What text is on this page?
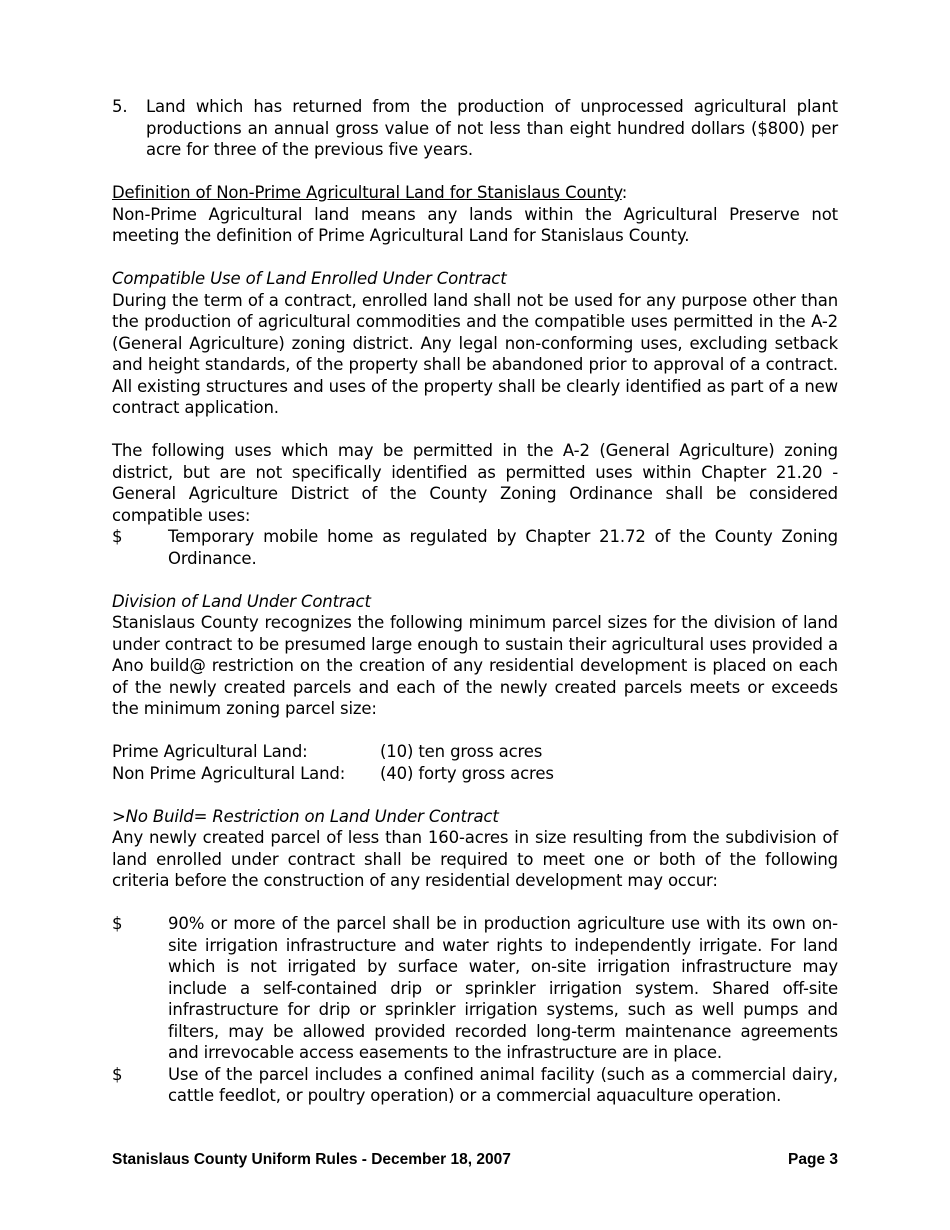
5.	Land which has returned from the production of unprocessed agricultural plant productions an annual gross value of not less than eight hundred dollars ($800) per acre for three of the previous five years.

Definition of Non-Prime Agricultural Land for Stanislaus County:

Non-Prime Agricultural land means any lands within the Agricultural Preserve not meeting the definition of Prime Agricultural Land for Stanislaus County.

Compatible Use of Land Enrolled Under Contract

During the term of a contract, enrolled land shall not be used for any purpose other than the production of agricultural commodities and the compatible uses permitted in the A-2 (General Agriculture) zoning district. Any legal non-conforming uses, excluding setback and height standards, of the property shall be abandoned prior to approval of a contract. All existing structures and uses of the property shall be clearly identified as part of a new contract application.

The following uses which may be permitted in the A-2 (General Agriculture) zoning district, but are not specifically identified as permitted uses within Chapter 21.20 - General Agriculture District of the County Zoning Ordinance shall be considered compatible uses:

$	Temporary mobile home as regulated by Chapter 21.72 of the County Zoning Ordinance.

Division of Land Under Contract

Stanislaus County recognizes the following minimum parcel sizes for the division of land under contract to be presumed large enough to sustain their agricultural uses provided a Ano build@ restriction on the creation of any residential development is placed on each of the newly created parcels and each of the newly created parcels meets or exceeds the minimum zoning parcel size:

Prime Agricultural Land:	(10) ten gross acres
Non Prime Agricultural Land:	(40) forty gross acres

>No Build= Restriction on Land Under Contract

Any newly created parcel of less than 160-acres in size resulting from the subdivision of land enrolled under contract shall be required to meet one or both of the following criteria before the construction of any residential development may occur:

$	90% or more of the parcel shall be in production agriculture use with its own on-site irrigation infrastructure and water rights to independently irrigate. For land which is not irrigated by surface water, on-site irrigation infrastructure may include a self-contained drip or sprinkler irrigation system. Shared off-site infrastructure for drip or sprinkler irrigation systems, such as well pumps and filters, may be allowed provided recorded long-term maintenance agreements and irrevocable access easements to the infrastructure are in place.
$	Use of the parcel includes a confined animal facility (such as a commercial dairy, cattle feedlot, or poultry operation) or a commercial aquaculture operation.
Stanislaus County Uniform Rules - December 18, 2007	Page 3
